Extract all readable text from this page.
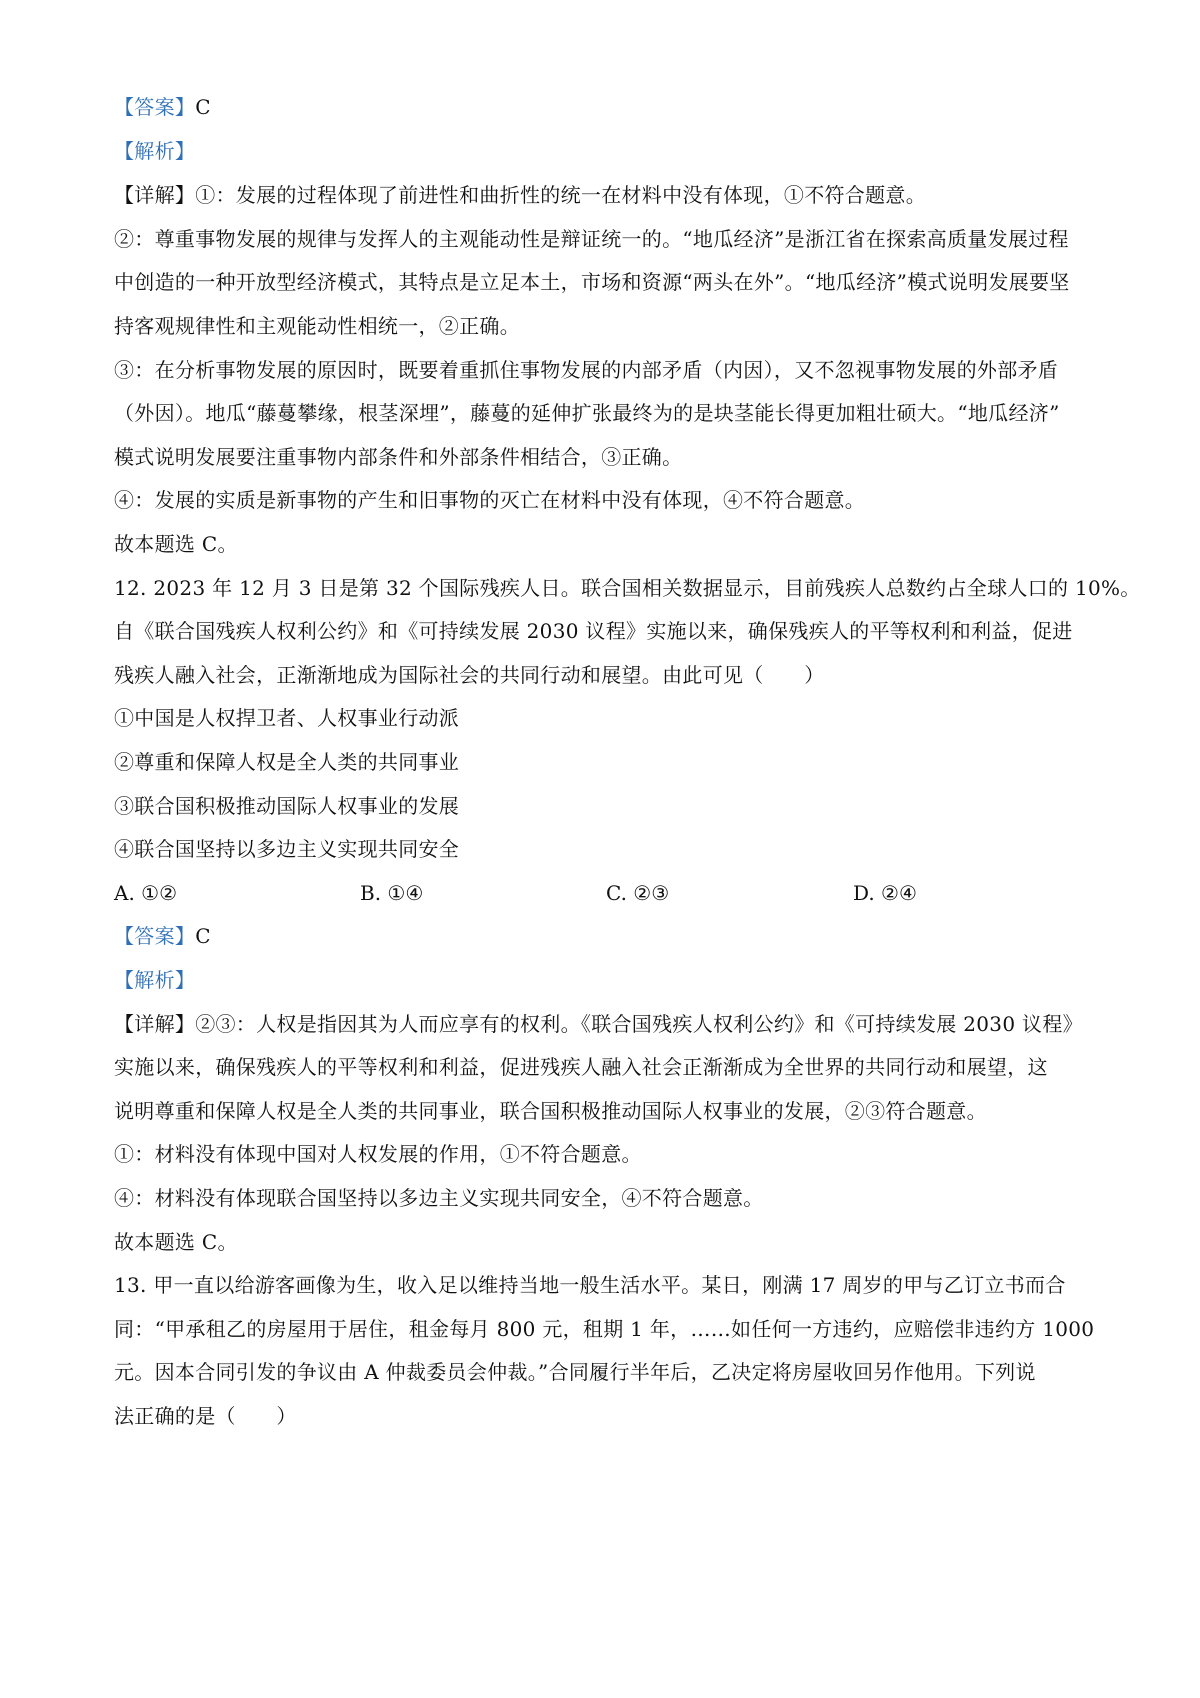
【答案】C
【解析】
【详解】①：发展的过程体现了前进性和曲折性的统一在材料中没有体现，①不符合题意。
②：尊重事物发展的规律与发挥人的主观能动性是辩证统一的。“地瓜经济”是浙江省在探索高质量发展过程
中创造的一种开放型经济模式，其特点是立足本土，市场和资源“两头在外”。“地瓜经济”模式说明发展要坚
持客观规律性和主观能动性相统一，②正确。
③：在分析事物发展的原因时，既要着重抓住事物发展的内部矛盾（内因），又不忽视事物发展的外部矛盾
（外因）。地瓜“藤蔓攀缘，根茎深埋”，藤蔓的延伸扩张最终为的是块茎能长得更加粗壮硕大。“地瓜经济”
模式说明发展要注重事物内部条件和外部条件相结合，③正确。
④：发展的实质是新事物的产生和旧事物的灭亡在材料中没有体现，④不符合题意。
故本题选 C。
12. 2023 年 12 月 3 日是第 32 个国际残疾人日。联合国相关数据显示，目前残疾人总数约占全球人口的 10%。
自《联合国残疾人权利公约》和《可持续发展 2030 议程》实施以来，确保残疾人的平等权利和利益，促进
残疾人融入社会，正渐渐地成为国际社会的共同行动和展望。由此可见（　　）
①中国是人权捍卫者、人权事业行动派
②尊重和保障人权是全人类的共同事业
③联合国积极推动国际人权事业的发展
④联合国坚持以多边主义实现共同安全
A. ①②	B. ①④	C. ②③	D. ②④
【答案】C
【解析】
【详解】②③：人权是指因其为人而应享有的权利。《联合国残疾人权利公约》和《可持续发展 2030 议程》
实施以来，确保残疾人的平等权利和利益，促进残疾人融入社会正渐渐成为全世界的共同行动和展望，这
说明尊重和保障人权是全人类的共同事业，联合国积极推动国际人权事业的发展，②③符合题意。
①：材料没有体现中国对人权发展的作用，①不符合题意。
④：材料没有体现联合国坚持以多边主义实现共同安全，④不符合题意。
故本题选 C。
13. 甲一直以给游客画像为生，收入足以维持当地一般生活水平。某日，刚满 17 周岁的甲与乙订立书而合
同：“甲承租乙的房屋用于居住，租金每月 800 元，租期 1 年，……如任何一方违约，应赔偿非违约方 1000
元。因本合同引发的争议由 A 仲裁委员会仲裁。”合同履行半年后，乙决定将房屋收回另作他用。下列说
法正确的是（　　）
